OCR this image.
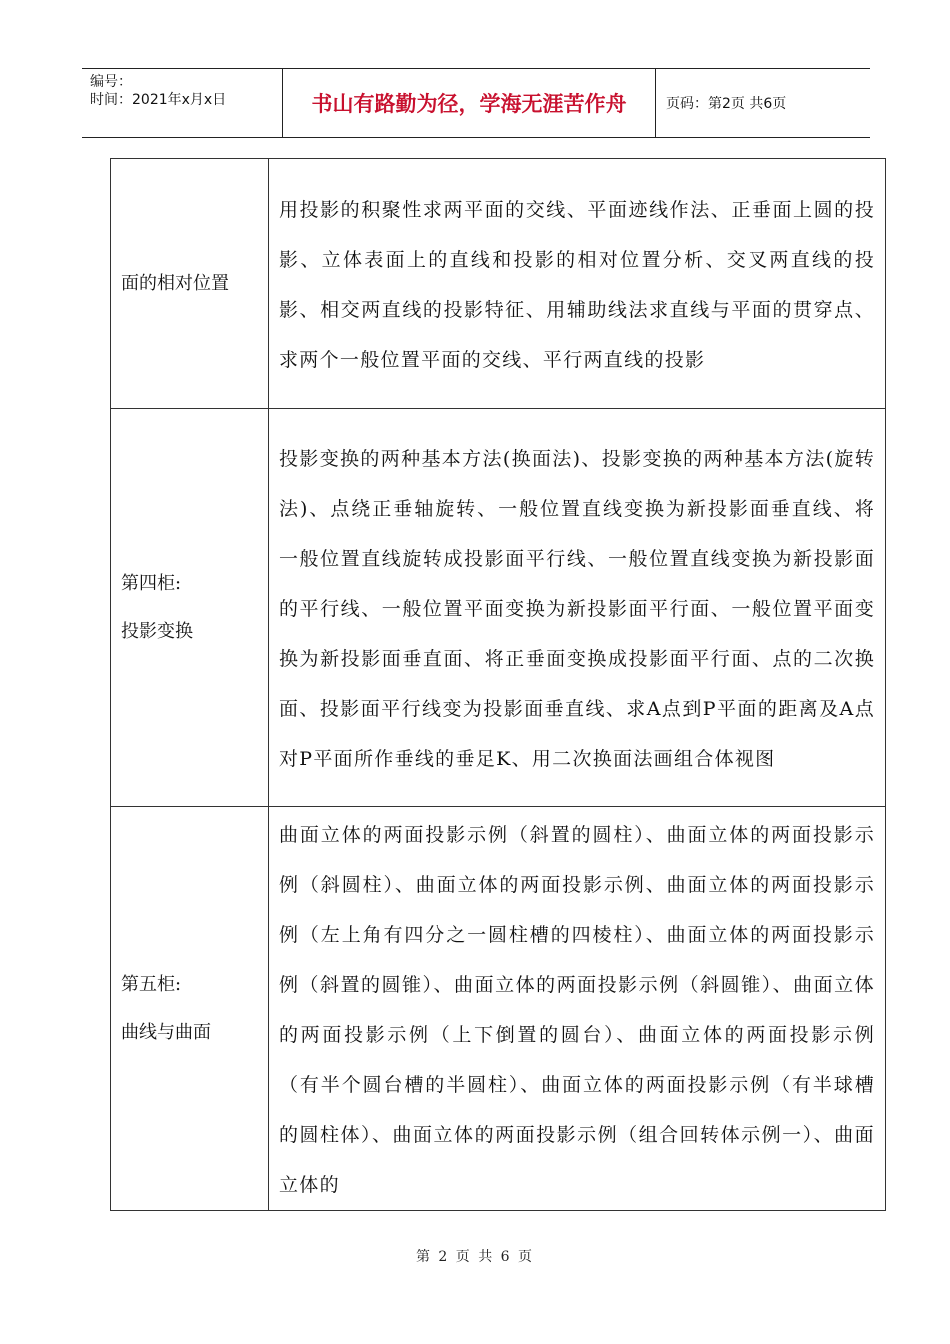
编号：
时间：2021年x月x日	书山有路勤为径，学海无涯苦作舟	页码：第2页 共6页
面的相对位置	用投影的积聚性求两平面的交线、平面迹线作法、正垂面上圆的投影、立体表面上的直线和投影的相对位置分析、交叉两直线的投影、相交两直线的投影特征、用辅助线法求直线与平面的贯穿点、求两个一般位置平面的交线、平行两直线的投影

第四柜:
投影变换	投影变换的两种基本方法(换面法)、投影变换的两种基本方法(旋转法)、点绕正垂轴旋转、一般位置直线变换为新投影面垂直线、将一般位置直线旋转成投影面平行线、一般位置直线变换为新投影面的平行线、一般位置平面变换为新投影面平行面、一般位置平面变换为新投影面垂直面、将正垂面变换成投影面平行面、点的二次换面、投影面平行线变为投影面垂直线、求A点到P平面的距离及A点对P平面所作垂线的垂足K、用二次换面法画组合体视图

第五柜:
曲线与曲面	曲面立体的两面投影示例（斜置的圆柱）、曲面立体的两面投影示例（斜圆柱）、曲面立体的两面投影示例、曲面立体的两面投影示例（左上角有四分之一圆柱槽的四棱柱）、曲面立体的两面投影示例（斜置的圆锥）、曲面立体的两面投影示例（斜圆锥）、曲面立体的两面投影示例（上下倒置的圆台）、曲面立体的两面投影示例（有半个圆台槽的半圆柱）、曲面立体的两面投影示例（有半球槽的圆柱体）、曲面立体的两面投影示例（组合回转体示例一）、曲面立体的
第 2 页 共 6 页
